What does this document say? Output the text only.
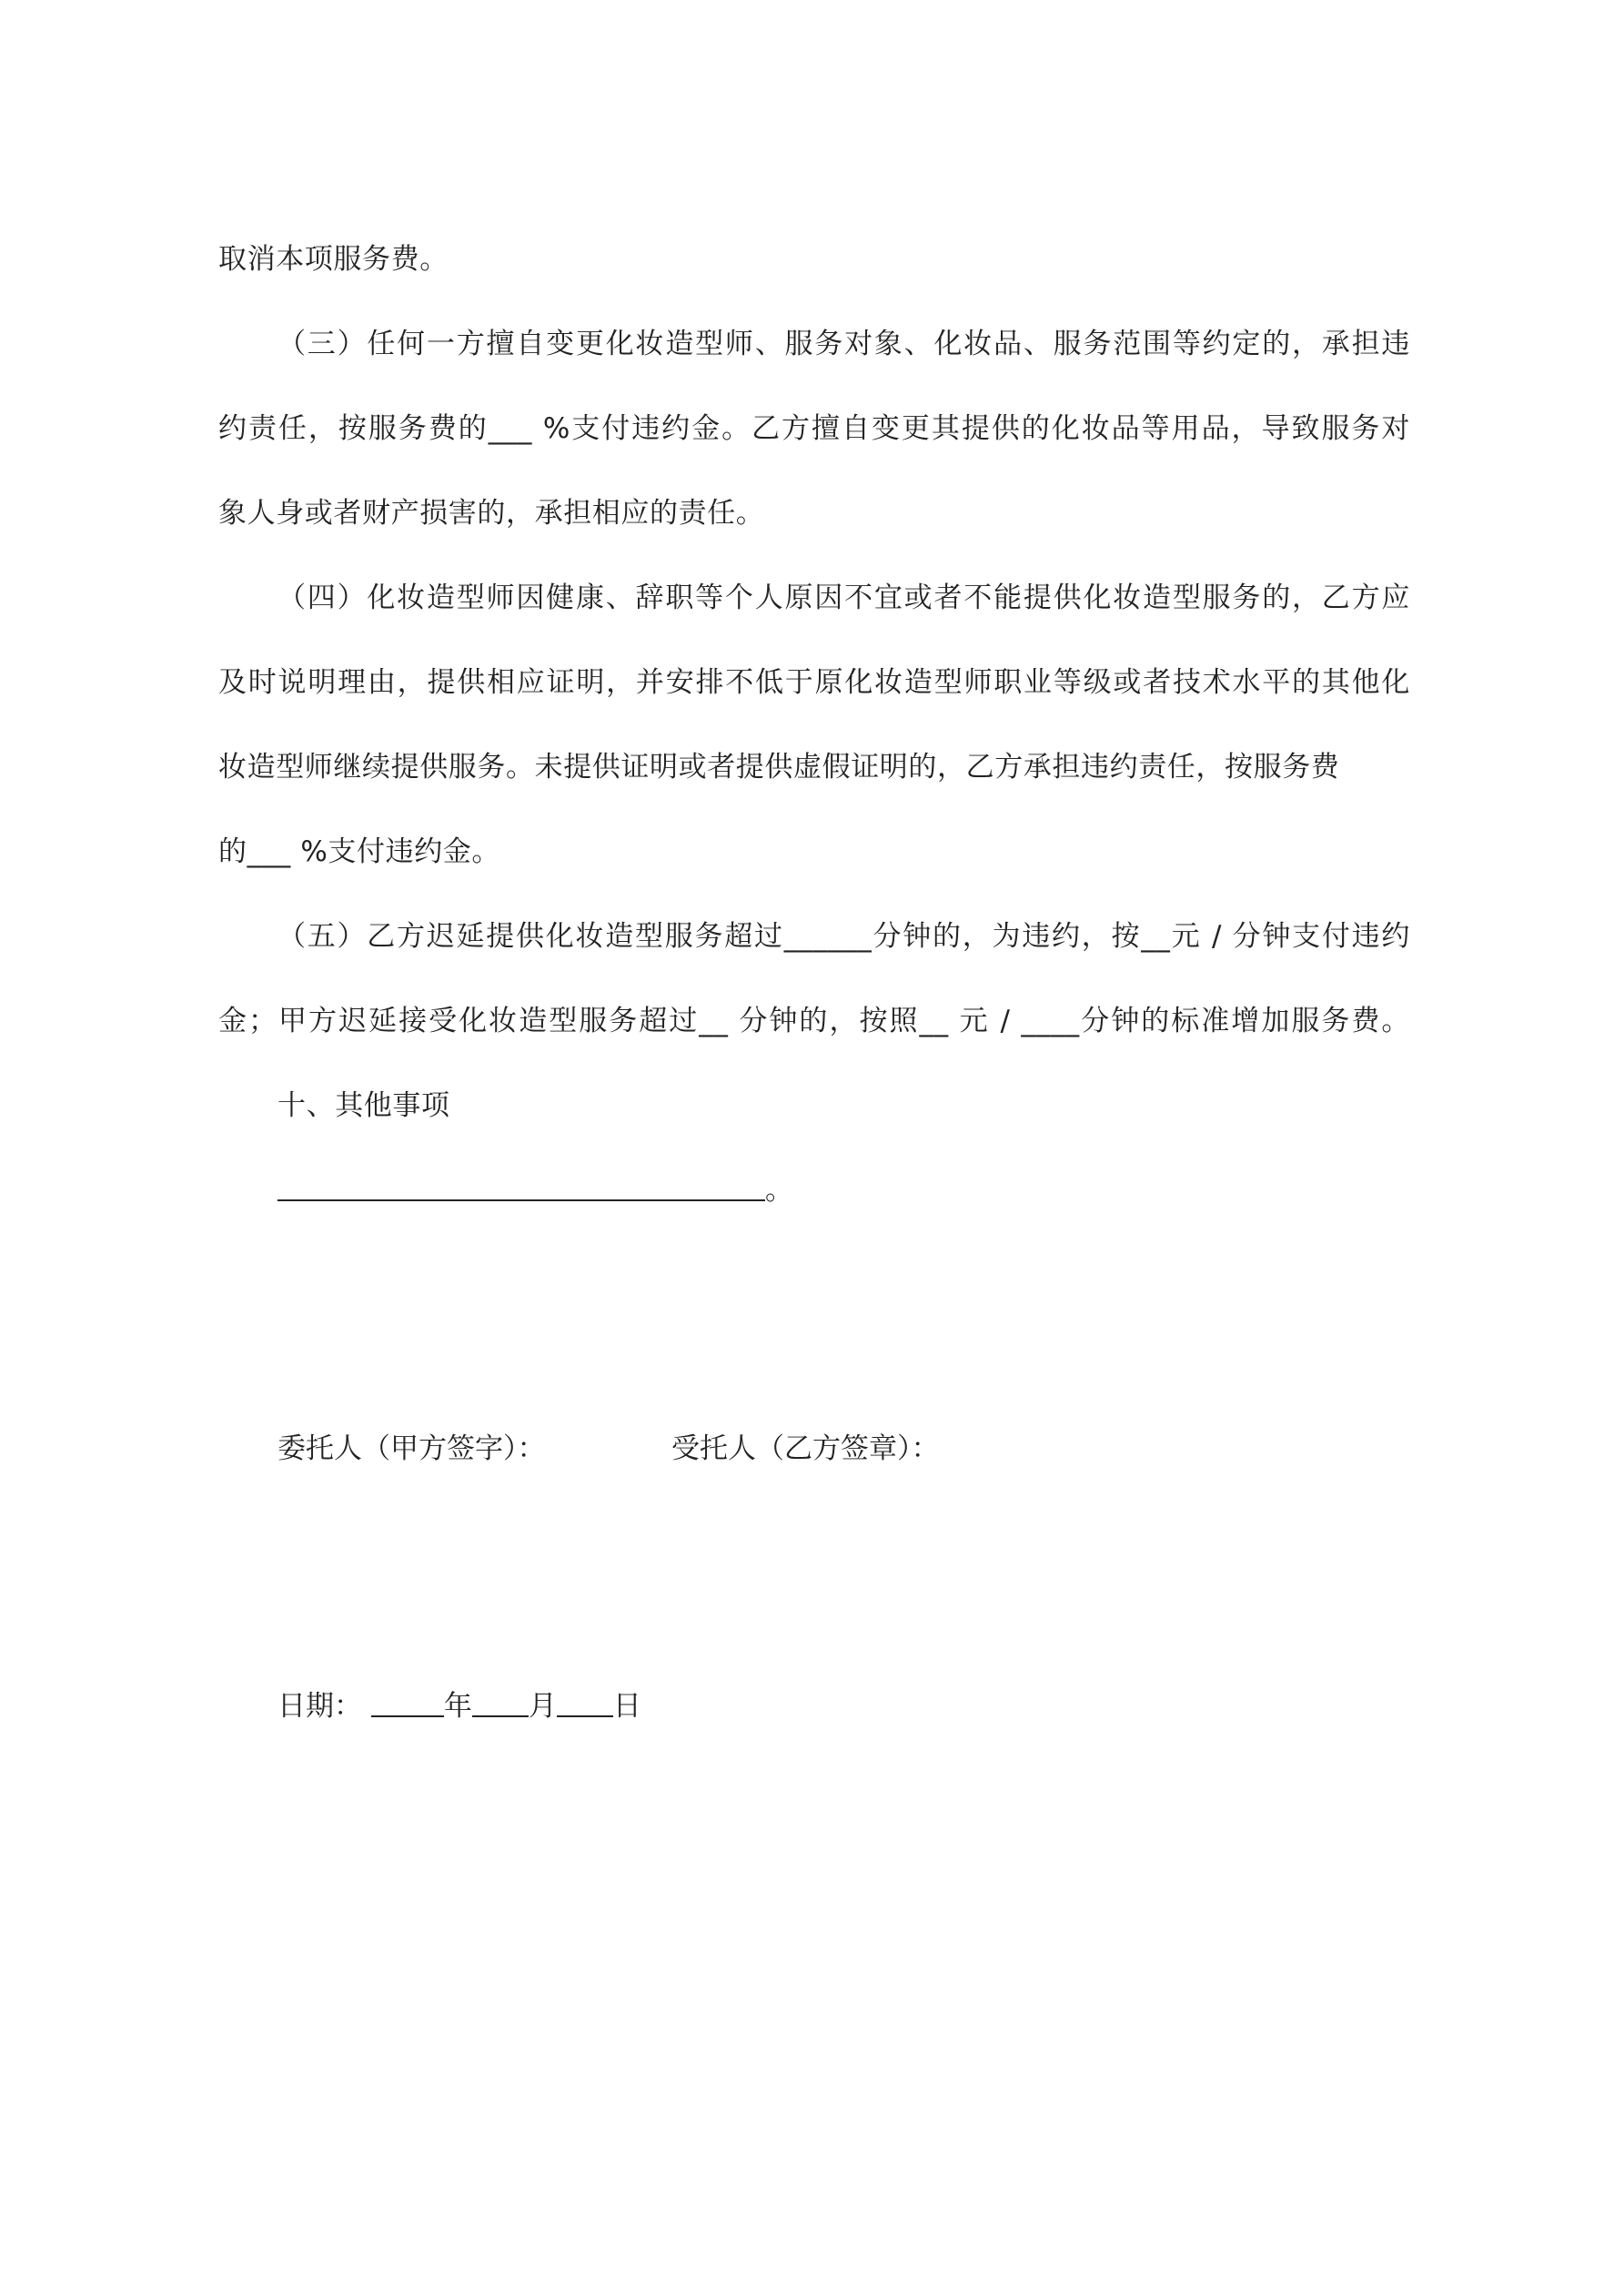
取消本项服务费。
（三）任何一方擅自变更化妆造型师、服务对象、化妆品、服务范围等约定的，承担违
约责任，按服务费的___ %支付违约金。乙方擅自变更其提供的化妆品等用品，导致服务对
象人身或者财产损害的，承担相应的责任。
（四）化妆造型师因健康、辞职等个人原因不宜或者不能提供化妆造型服务的，乙方应
及时说明理由，提供相应证明，并安排不低于原化妆造型师职业等级或者技术水平的其他化
妆造型师继续提供服务。未提供证明或者提供虚假证明的，乙方承担违约责任，按服务费
的___ %支付违约金。
（五）乙方迟延提供化妆造型服务超过______分钟的，为违约，按__元 / 分钟支付违约
金；甲方迟延接受化妆造型服务超过__ 分钟的，按照__ 元 / ____分钟的标准增加服务费。
十、其他事项
。
委托人（甲方签字）：	受托人（乙方签章）：
日期：	年 月 日
